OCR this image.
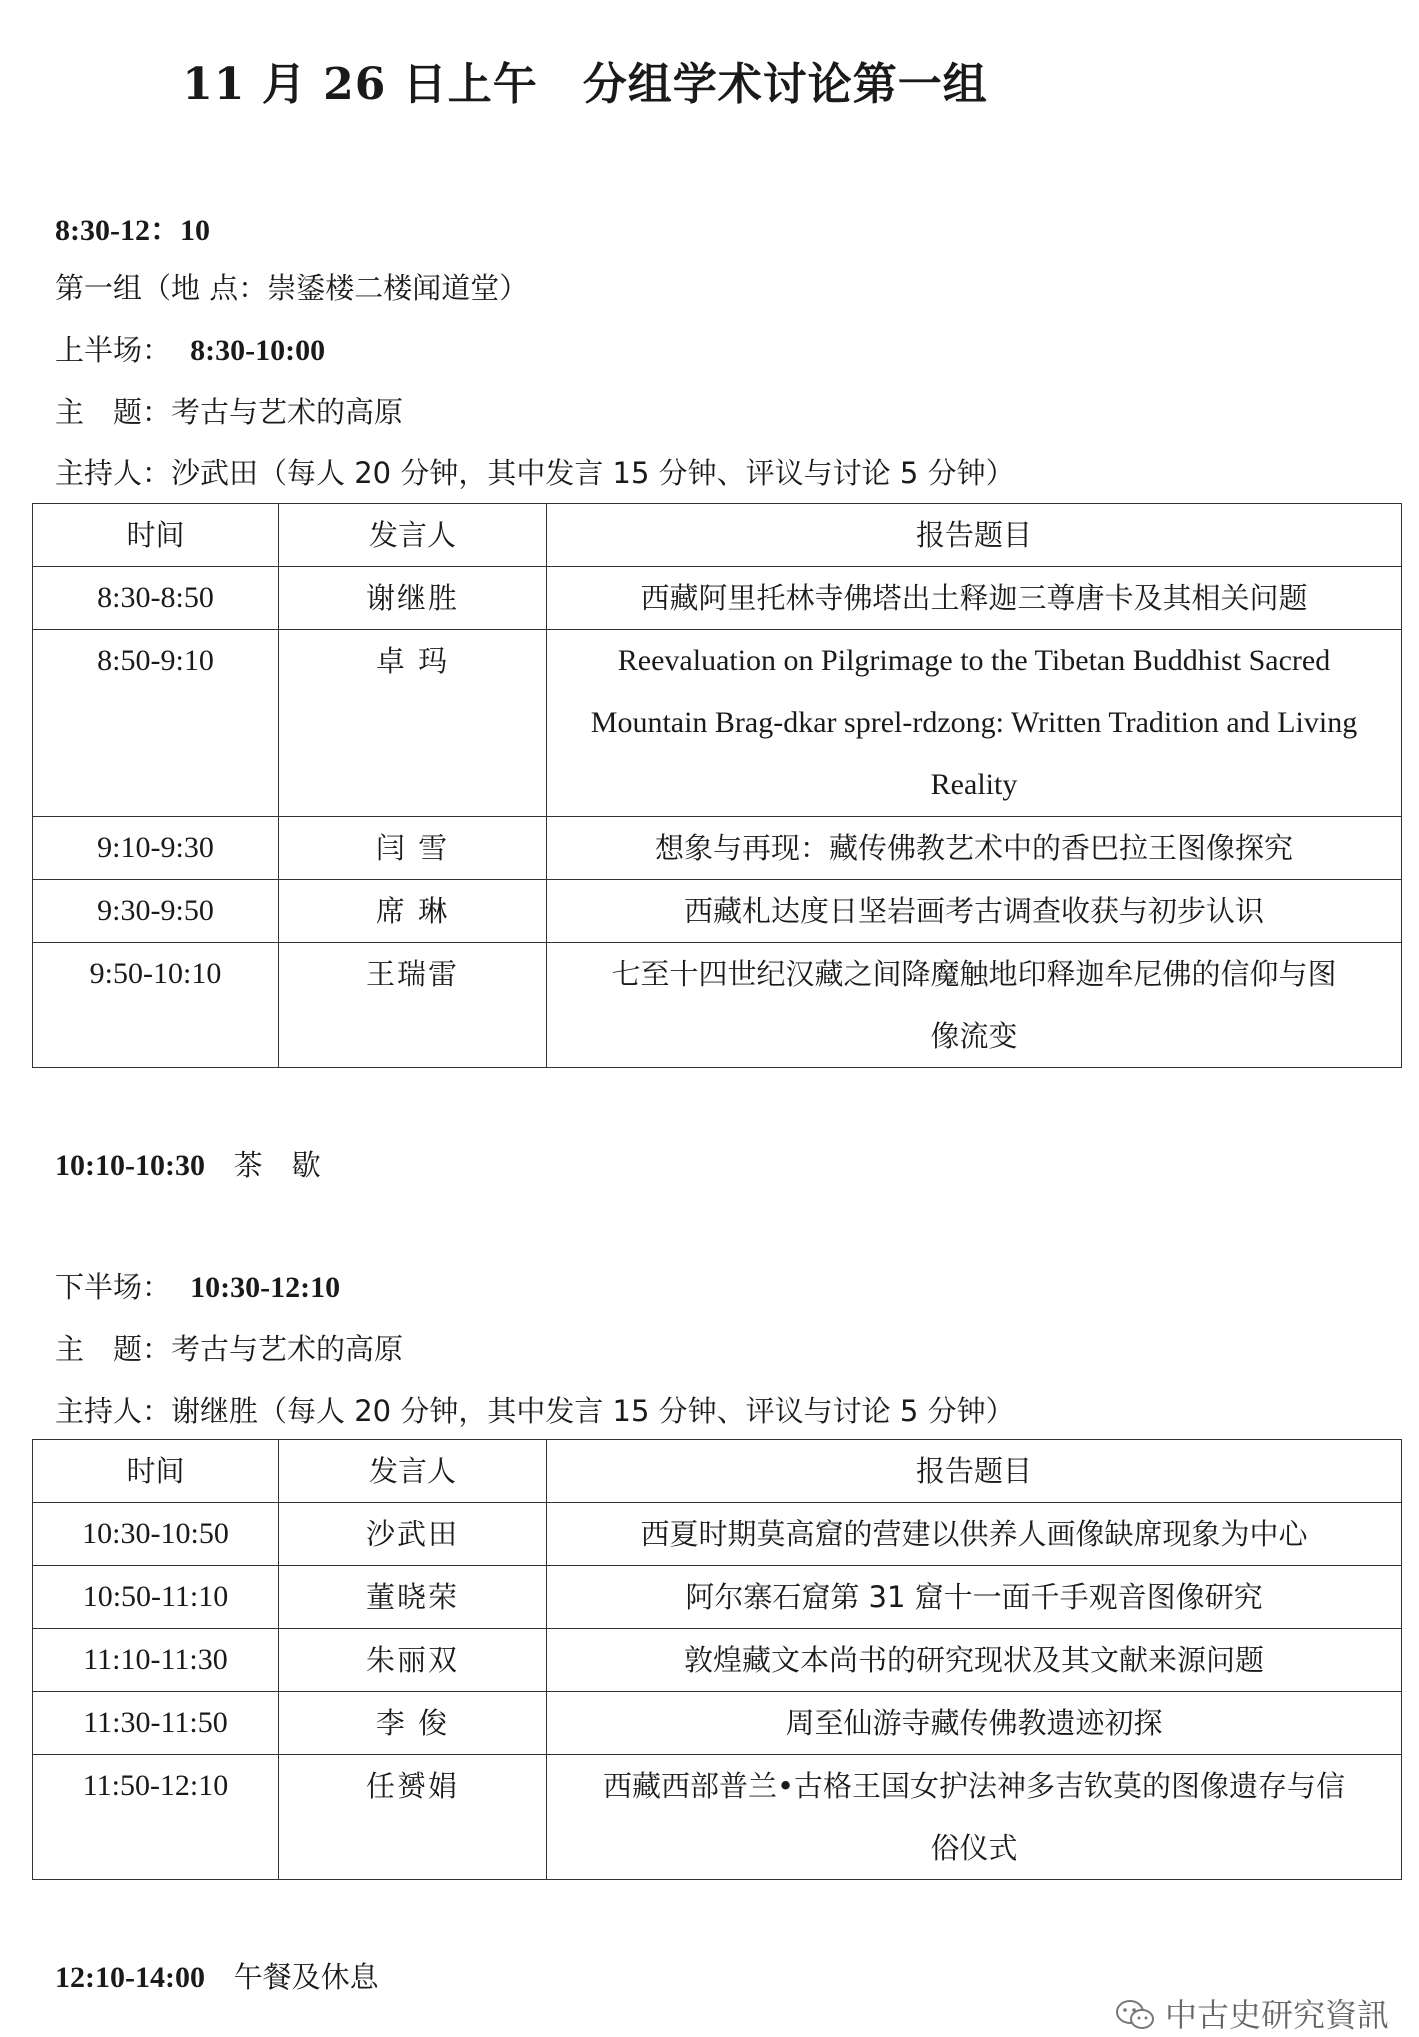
11 月 26 日上午　分组学术讨论第一组
8:30-12：10
第一组（地 点：崇鋈楼二楼闻道堂）
上半场： 8:30-10:00
主　题：考古与艺术的高原
主持人：沙武田（每人 20 分钟，其中发言 15 分钟、评议与讨论 5 分钟）
时间	发言人	报告题目
8:30-8:50	谢继胜	西藏阿里托林寺佛塔出土释迦三尊唐卡及其相关问题

8:50-9:10	卓 玛	Reevaluation on Pilgrimage to the Tibetan Buddhist Sacred
Mountain Brag-dkar sprel-rdzong: Written Tradition and Living
Reality

9:10-9:30	闫 雪	想象与再现：藏传佛教艺术中的香巴拉王图像探究

9:30-9:50	席 琳	西藏札达度日坚岩画考古调查收获与初步认识

9:50-10:10	王瑞雷	七至十四世纪汉藏之间降魔触地印释迦牟尼佛的信仰与图
像流变
10:10-10:30 茶　歇
下半场： 10:30-12:10
主　题：考古与艺术的高原
主持人：谢继胜（每人 20 分钟，其中发言 15 分钟、评议与讨论 5 分钟）
时间	发言人	报告题目
10:30-10:50	沙武田	西夏时期莫高窟的营建以供养人画像缺席现象为中心

10:50-11:10	董晓荣	阿尔寨石窟第 31 窟十一面千手观音图像研究

11:10-11:30	朱丽双	敦煌藏文本尚书的研究现状及其文献来源问题

11:30-11:50	李 俊	周至仙游寺藏传佛教遗迹初探

11:50-12:10	任赟娟	西藏西部普兰•古格王国女护法神多吉钦莫的图像遗存与信
俗仪式
12:10-14:00 午餐及休息
中古史研究資訊
